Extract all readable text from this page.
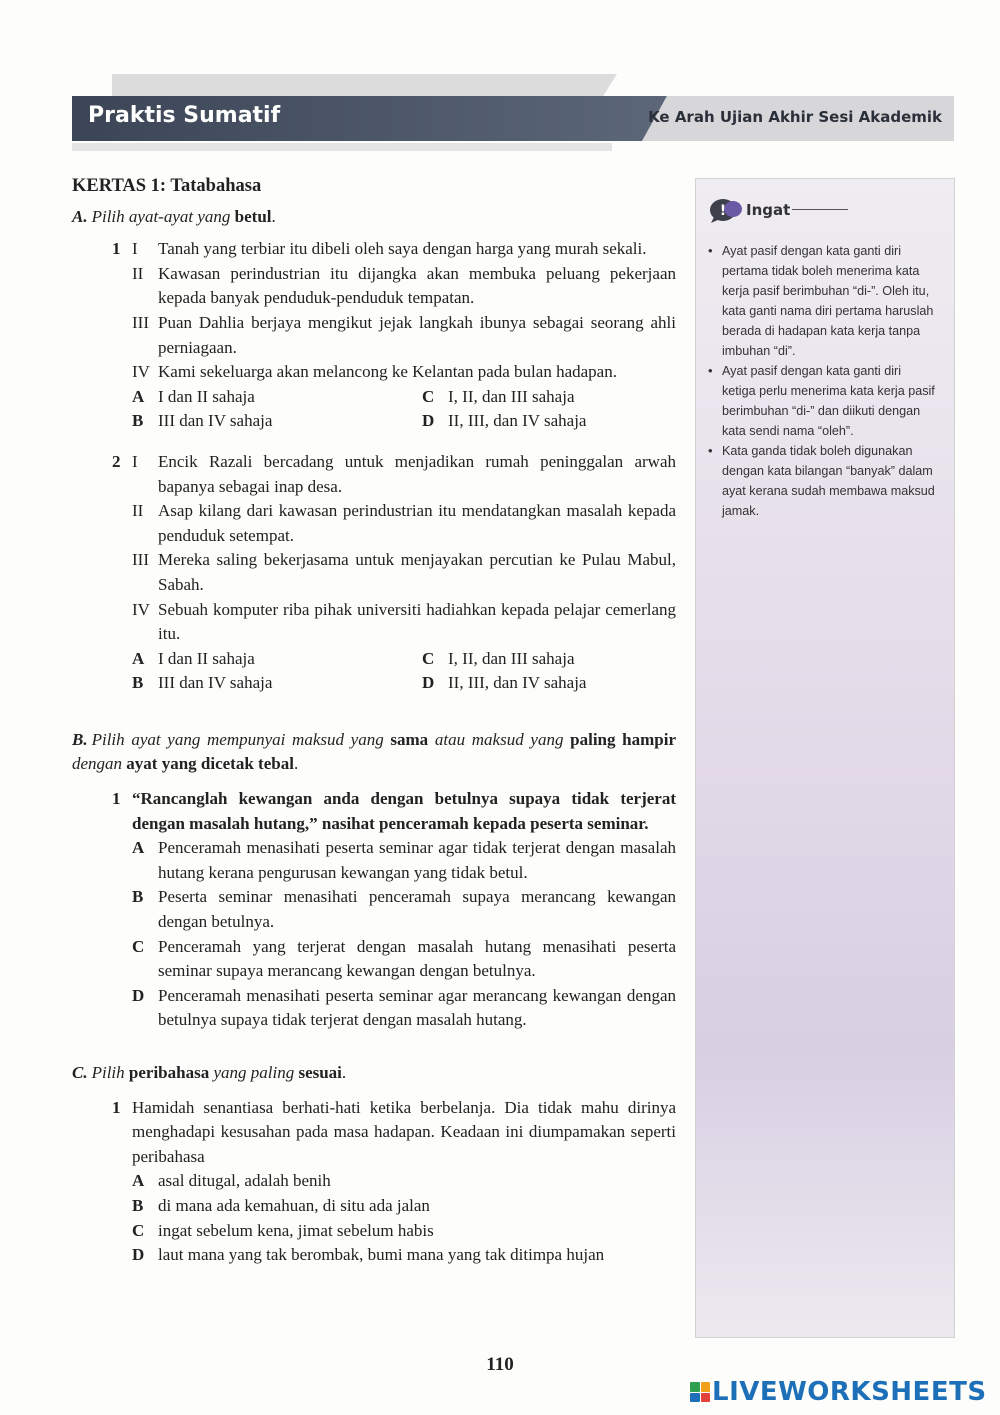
Praktis Sumatif	Ke Arah Ujian Akhir Sesi Akademik
KERTAS 1: Tatabahasa
A. Pilih ayat-ayat yang betul.
1 I	Tanah yang terbiar itu dibeli oleh saya dengan harga yang murah sekali.
II Kawasan perindustrian itu dijangka akan membuka peluang pekerjaan kepada banyak penduduk-penduduk tempatan.
III Puan Dahlia berjaya mengikut jejak langkah ibunya sebagai seorang ahli perniagaan.
IV Kami sekeluarga akan melancong ke Kelantan pada bulan hadapan.
A I dan II sahaja	C I, II, dan III sahaja
B III dan IV sahaja	D II, III, dan IV sahaja
2 I	Encik Razali bercadang untuk menjadikan rumah peninggalan arwah bapanya sebagai inap desa.
II Asap kilang dari kawasan perindustrian itu mendatangkan masalah kepada penduduk setempat.
III Mereka saling bekerjasama untuk menjayakan percutian ke Pulau Mabul, Sabah.
IV Sebuah komputer riba pihak universiti hadiahkan kepada pelajar cemerlang itu.
A I dan II sahaja	C I, II, dan III sahaja
B III dan IV sahaja	D II, III, dan IV sahaja
B. Pilih ayat yang mempunyai maksud yang sama atau maksud yang paling hampir dengan ayat yang dicetak tebal.
1 “Rancanglah kewangan anda dengan betulnya supaya tidak terjerat dengan masalah hutang,” nasihat penceramah kepada peserta seminar.
A Penceramah menasihati peserta seminar agar tidak terjerat dengan masalah hutang kerana pengurusan kewangan yang tidak betul.
B Peserta seminar menasihati penceramah supaya merancang kewangan dengan betulnya.
C Penceramah yang terjerat dengan masalah hutang menasihati peserta seminar supaya merancang kewangan dengan betulnya.
D Penceramah menasihati peserta seminar agar merancang kewangan dengan betulnya supaya tidak terjerat dengan masalah hutang.
C. Pilih peribahasa yang paling sesuai.
1 Hamidah senantiasa berhati-hati ketika berbelanja. Dia tidak mahu dirinya menghadapi kesusahan pada masa hadapan. Keadaan ini diumpamakan seperti peribahasa
A asal ditugal, adalah benih
B di mana ada kemahuan, di situ ada jalan
C ingat sebelum kena, jimat sebelum habis
D laut mana yang tak berombak, bumi mana yang tak ditimpa hujan
! Ingat
• Ayat pasif dengan kata ganti diri pertama tidak boleh menerima kata kerja pasif berimbuhan “di-”. Oleh itu, kata ganti nama diri pertama haruslah berada di hadapan kata kerja tanpa imbuhan “di”.
• Ayat pasif dengan kata ganti diri ketiga perlu menerima kata kerja pasif berimbuhan “di-” dan diikuti dengan kata sendi nama “oleh”.
• Kata ganda tidak boleh digunakan dengan kata bilangan “banyak” dalam ayat kerana sudah membawa maksud jamak.
110
LIVEWORKSHEETS
